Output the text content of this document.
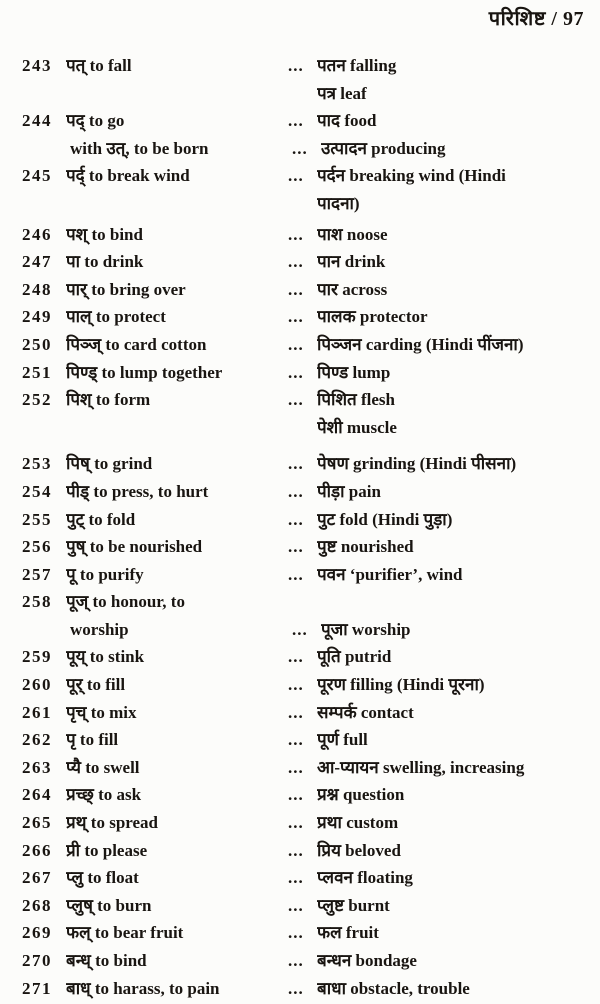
परिशिष्ट / 97
243 पत् to fall	... पतन falling
पत्र leaf
244 पद् to go	... पाद food
with उत्, to be born	... उत्पादन producing
245 पर्द् to break wind	... पर्दन breaking wind (Hindi
पादना)
246 पश् to bind	... पाश noose
247 पा to drink	... पान drink
248 पार् to bring over	... पार across
249 पाल् to protect	... पालक protector
250 पिञ्ज् to card cotton	... पिञ्जन carding (Hindi पींजना)
251 पिण्ड् to lump together	... पिण्ड lump
252 पिश् to form	... पिशित flesh
पेशी muscle
253 पिष् to grind	... पेषण grinding (Hindi पीसना)
254 पीड् to press, to hurt	... पीड़ा pain
255 पुट् to fold	... पुट fold (Hindi पुड़ा)
256 पुष् to be nourished	... पुष्ट nourished
257 पू to purify	... पवन ‘purifier’, wind
258 पूज् to honour, to
worship	... पूजा worship
259 पूय् to stink	... पूति putrid
260 पूर् to fill	... पूरण filling (Hindi पूरना)
261 पृच् to mix	... सम्पर्क contact
262 पृ to fill	... पूर्ण full
263 प्यै to swell	... आ-प्यायन swelling, increasing
264 प्रच्छ् to ask	... प्रश्न question
265 प्रथ् to spread	... प्रथा custom
266 प्री to please	... प्रिय beloved
267 प्लु to float	... प्लवन floating
268 प्लुष् to burn	... प्लुष्ट burnt
269 फल् to bear fruit	... फल fruit
270 बन्ध् to bind	... बन्धन bondage
271 बाध् to harass, to pain	... बाधा obstacle, trouble
